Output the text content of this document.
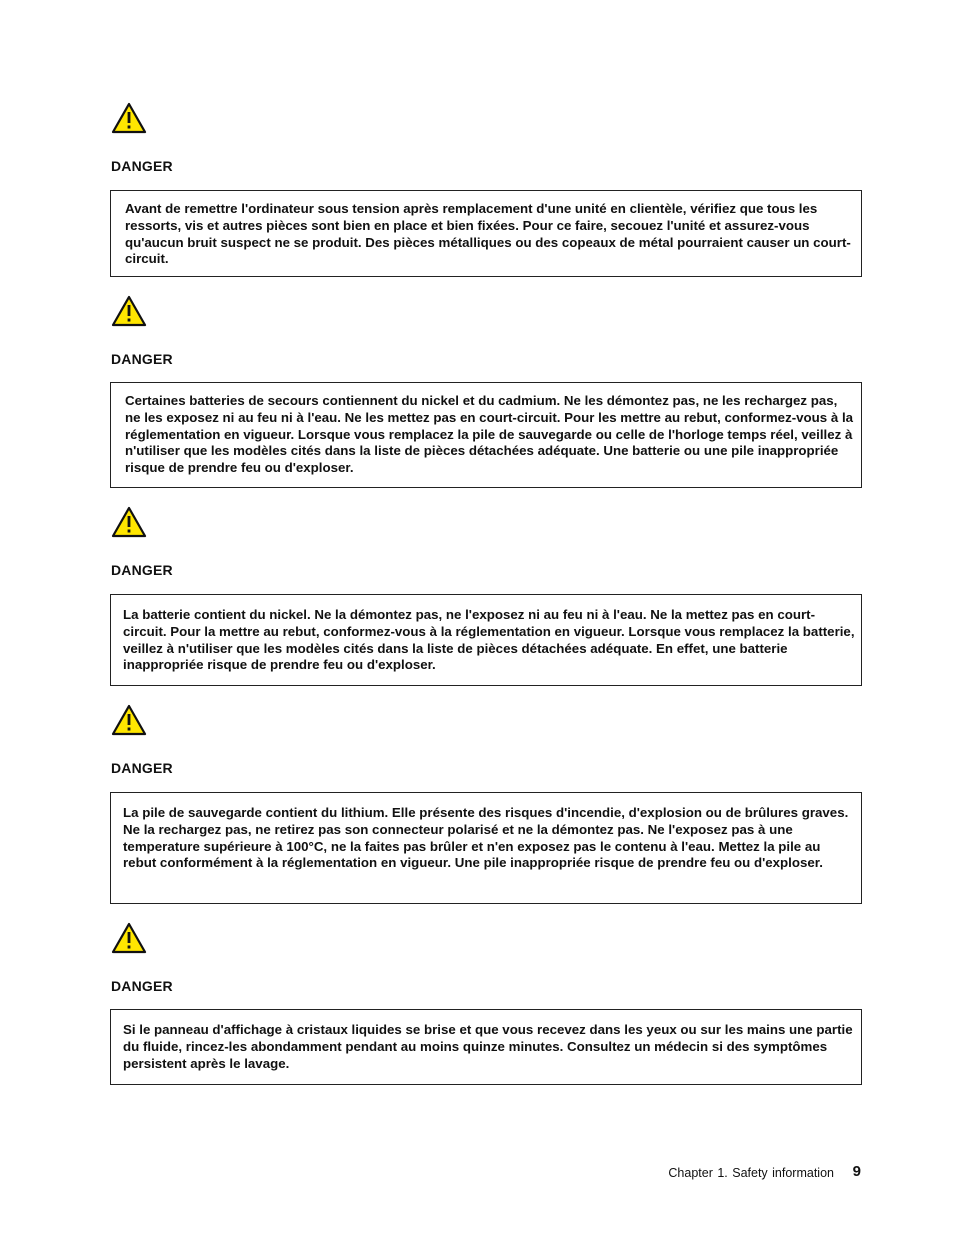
DANGER
Avant de remettre l'ordinateur sous tension après remplacement d'une unité en clientèle, vérifiez que tous les ressorts, vis et autres pièces sont bien en place et bien fixées. Pour ce faire, secouez l'unité et assurez-vous qu'aucun bruit suspect ne se produit. Des pièces métalliques ou des copeaux de métal pourraient causer un court-circuit.
DANGER
Certaines batteries de secours contiennent du nickel et du cadmium. Ne les démontez pas, ne les rechargez pas, ne les exposez ni au feu ni à l'eau. Ne les mettez pas en court-circuit. Pour les mettre au rebut, conformez-vous à la réglementation en vigueur. Lorsque vous remplacez la pile de sauvegarde ou celle de l'horloge temps réel, veillez à n'utiliser que les modèles cités dans la liste de pièces détachées adéquate. Une batterie ou une pile inappropriée risque de prendre feu ou d'exploser.
DANGER
La batterie contient du nickel. Ne la démontez pas, ne l'exposez ni au feu ni à l'eau. Ne la mettez pas en court-circuit. Pour la mettre au rebut, conformez-vous à la réglementation en vigueur. Lorsque vous remplacez la batterie, veillez à n'utiliser que les modèles cités dans la liste de pièces détachées adéquate. En effet, une batterie inappropriée risque de prendre feu ou d'exploser.
DANGER
La pile de sauvegarde contient du lithium. Elle présente des risques d'incendie, d'explosion ou de brûlures graves. Ne la rechargez pas, ne retirez pas son connecteur polarisé et ne la démontez pas. Ne l'exposez pas à une temperature supérieure à 100°C, ne la faites pas brûler et n'en exposez pas le contenu à l'eau. Mettez la pile au rebut conformément à la réglementation en vigueur. Une pile inappropriée risque de prendre feu ou d'exploser.
DANGER
Si le panneau d'affichage à cristaux liquides se brise et que vous recevez dans les yeux ou sur les mains une partie du fluide, rincez-les abondamment pendant au moins quinze minutes. Consultez un médecin si des symptômes persistent après le lavage.
Chapter 1. Safety information 9
